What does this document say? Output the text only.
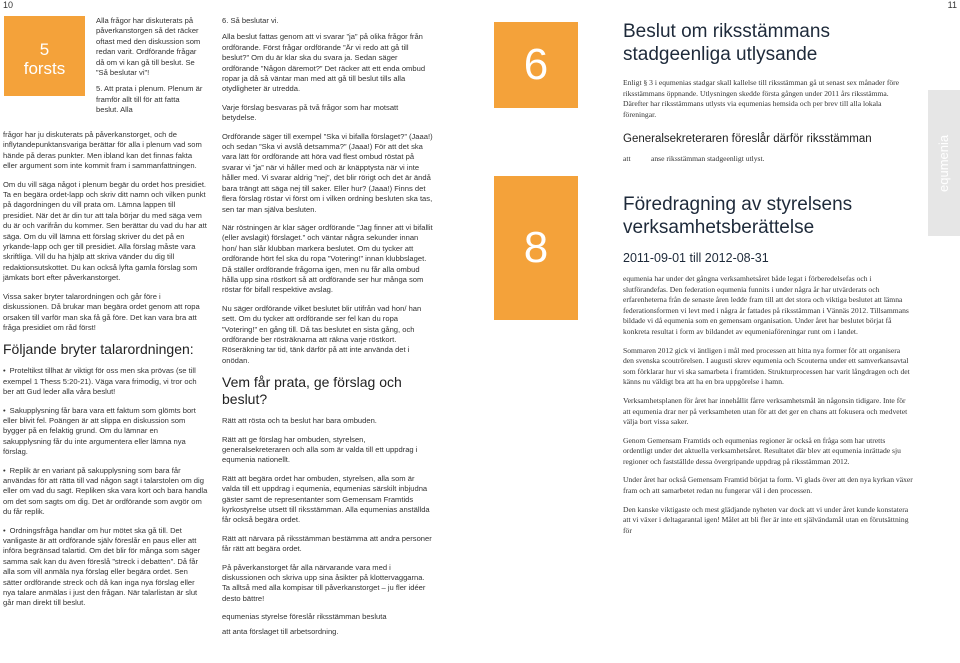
10	11
5
forsts

Alla frågor har diskuterats på påverkanstorgen så det räcker oftast med den diskussion som redan varit. Ordförande frågar då om vi kan gå till beslut. Se ”Så beslutar vi”!

5. Att prata i plenum. Plenum är framför allt till för att fatta beslut. Alla

frågor har ju diskuterats på påverkanstorget, och de inflytandepunktansvariga berättar för alla i plenum vad som hände på deras punkter. Men ibland kan det finnas fakta eller argument som inte kommit fram i sammanfattningen.

Om du vill säga något i plenum begär du ordet hos presidiet. Ta en begära ordet-lapp och skriv ditt namn och vilken punkt på dagordningen du vill prata om. Lämna lappen till presidiet. När det är din tur att tala börjar du med säga vem du är och varifrån du kommer. Sen berättar du vad du har att säga. Om du vill lämna ett förslag skriver du det på en yrkande-lapp och ger till presidiet. Alla förslag måste vara skriftliga. Vill du ha hjälp att skriva vänder du dig till redaktionsutskottet. Du kan också lyfta gamla förslag som jämkats bort efter påverkanstorget.

Vissa saker bryter talarordningen och går före i diskussionen. Då brukar man begära ordet genom att ropa orsaken till varför man ska få gå före. Det kan vara bra att fråga presidiet om råd först!

Följande bryter talarordningen:
• Proteltikst tillhat är viktigt för oss men ska prövas (se till exempel 1 Thess 5:20-21). Väga vara frimodig, vi tror och ber att Gud leder alla våra beslut!
• Sakupplysning får bara vara ett faktum som glömts bort eller blivit fel. Poängen är att slippa en diskussion som bygger på en felaktig grund. Om du lämnar en sakupplysning får du inte argumentera eller lämna nya förslag.
• Replik är en variant på sakupplysning som bara får användas för att rätta till vad någon sagt i talarstolen om dig eller om vad du sagt. Repliken ska vara kort och bara handla om det som sagts om dig. Det är ordförande som avgör om du får replik.
• Ordningsfråga handlar om hur mötet ska gå till. Det vanligaste är att ordförande själv föreslår en paus eller att införa begränsad talartid. Om det blir för många som säger samma sak kan du även föreslå ”streck i debatten”. Då får alla som vill anmäla nya förslag eller begära ordet. Sen sätter ordförande streck och då kan inga nya förslag eller nya talare anmälas i just den frågan. När talarlistan är slut går man direkt till beslut.

6. Så beslutar vi.

Alla beslut fattas genom att vi svarar ”ja” på olika frågor från ordförande. Först frågar ordförande ”Är vi redo att gå till beslut?” Om du är klar ska du svara ja. Sedan säger ordförande ”Någon däremot?” Det räcker att ett enda ombud ropar ja då så väntar man med att gå till beslut tills alla otydligheter är utredda.

Varje förslag besvaras på två frågor som har motsatt betydelse.

Ordförande säger till exempel ”Ska vi bifalla förslaget?” (Jaaa!) och sedan ”Ska vi avslå detsamma?” (Jaaa!) För att det ska vara lätt för ordförande att höra vad flest ombud röstat på svarar vi ”ja” när vi håller med och är knäpptysta när vi inte håller med. Vi svarar aldrig ”nej”, det blir rörigt och det är ändå bara trängt att säga nej till saker. Eller hur? (Jaaa!) Finns det flera förslag röstar vi först om i vilken ordning besluten ska tas, sen tar man själva besluten.

När röstningen är klar säger ordförande ”Jag finner att vi bifallit (eller avslagit) förslaget.” och väntar några sekunder innan hon/ han slår klubban markera beslutet. Om du tycker att ordförande hört fel ska du ropa ”Votering!” innan klubbslaget. Då ställer ordförande frågorna igen, men nu får alla ombud hålla upp sina röstkort så att ordförande ser hur många som röstar för bifall respektive avslag.

Nu säger ordförande vilket beslutet blir utifrån vad hon/ han sett. Om du tycker att ordförande ser fel kan du ropa ”Votering!” en gång till. Då tas beslutet en sista gång, och ordförande ber rösträknarna att räkna varje röstkort. Röseräkning tar tid, tänk därför på att inte använda det i onödan.

Vem får prata, ge förslag och beslut?

Rätt att rösta och ta beslut har bara ombuden.

Rätt att ge förslag har ombuden, styrelsen, generalsekreteraren och alla som är valda till ett uppdrag i equmenia nationellt.

Rätt att begära ordet har ombuden, styrelsen, alla som är valda till ett uppdrag i equmenia, equmenias särskilt inbjudna gäster samt de representanter som Gemensam Framtids kyrkostyrelse utsett till riksstämman. Alla equmenias anställda får också begära ordet.

Rätt att närvara på riksstämman bestämma att andra personer får rätt att begära ordet.

På påverkanstorget får alla närvarande vara med i diskussionen och skriva upp sina åsikter på klottervaggarna. Ta alltså med alla kompisar till påverkanstorget – ju fler idéer desto bättre!

equmenias styrelse föreslår riksstämman besluta

att anta förslaget till arbetsordning.

6
8
Beslut om riksstämmans stadgeenliga utlysande

Enligt § 3 i equmenias stadgar skall kallelse till riksstämman gå ut senast sex månader före riksstämmans öppnande. Utlysningen skedde första gången under 2011 års riksstämma. Därefter har riksstämmans utlysts via equmenias hemsida och per brev till alla lokala föreningar.

Generalsekreteraren föreslår därför riksstämman
att	anse riksstämman stadgeenligt utlyst.
Föredragning av styrelsens verksamhetsberättelse
2011-09-01 till 2012-08-31

equmenia har under det gångna verksamhetsåret både legat i förberedelsefas och i slutförandefas. Den federation equmenia funnits i under några år har utvärderats och erfarenheterna från de senaste åren ledde fram till att det stora och viktiga beslutet att lämna federationsformen vi levt med i några år fattades på riksstämman i Vännäs 2012. Tillsammans bildade vi då equmenia som en gemensam organisation. Under året har beslutet börjat få konkreta resultat i form av bildandet av equmeniaföreningar runt om i landet.

Sommaren 2012 gick vi äntligen i mål med processen att hitta nya former för att organisera den svenska scoutrörelsen. I augusti skrev equmenia och Scouterna under ett samverkansavtal som förklarar hur vi ska samarbeta i framtiden. Strukturprocessen har varit långdragen och det känns nu väldigt bra att ha en bra uppgörelse i hamn.

Verksamhetsplanen för året har innehållit fårre verksamhetsmål än någonsin tidigare. Inte för att equmenia drar ner på verksamheten utan för att det ger en chans att fokusera och medvetet välja bort vissa saker.

Genom Gemensam Framtids och equmenias regioner är också en fråga som har utretts ordentligt under det aktuella verksamhetsåret. Resultatet där blev att equmenia inrättade sju regioner och fastställde dessa övergripande uppdrag på riksstämman 2012.

Under året har också Gemensam Framtid börjat ta form. Vi glads över att den nya kyrkan växer fram och att samarbetet redan nu fungerar väl i den processen.

Den kanske viktigaste och mest glädjande nyheten var dock att vi under året kunde konstatera att vi växer i deltagarantal igen! Målet att bli fler är inte ett självändamål utan en förutsättning för

equmenia
